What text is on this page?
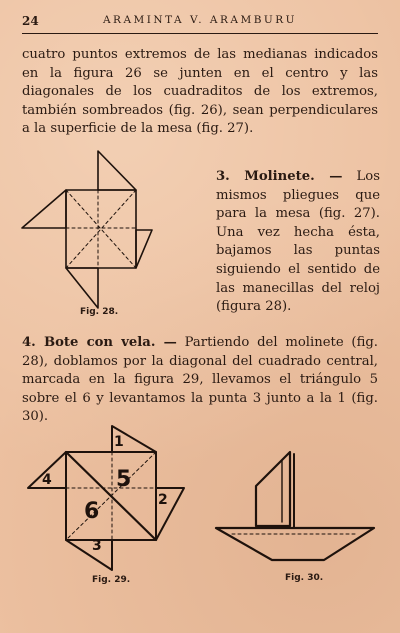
24	ARAMINTA V. ARAMBURU
cuatro puntos extremos de las medianas indicados en la figura 26 se junten en el centro y las diagonales de los cuadraditos de los extremos, también sombreados (fig. 26), sean perpendiculares a la superficie de la mesa (fig. 27).
Fig. 28.
3. Molinete. — Los mismos pliegues que para la mesa (fig. 27). Una vez hecha ésta, bajamos las puntas siguiendo el sentido de las manecillas del reloj (figura 28).
4. Bote con vela. — Partiendo del molinete (fig. 28), doblamos por la diagonal del cuadrado central, marcada en la figura 29, llevamos el triángulo 5 sobre el 6 y levantamos la punta 3 junto a la 1 (fig. 30).
1
2
3
4	5
6
Fig. 29.	Fig. 30.
